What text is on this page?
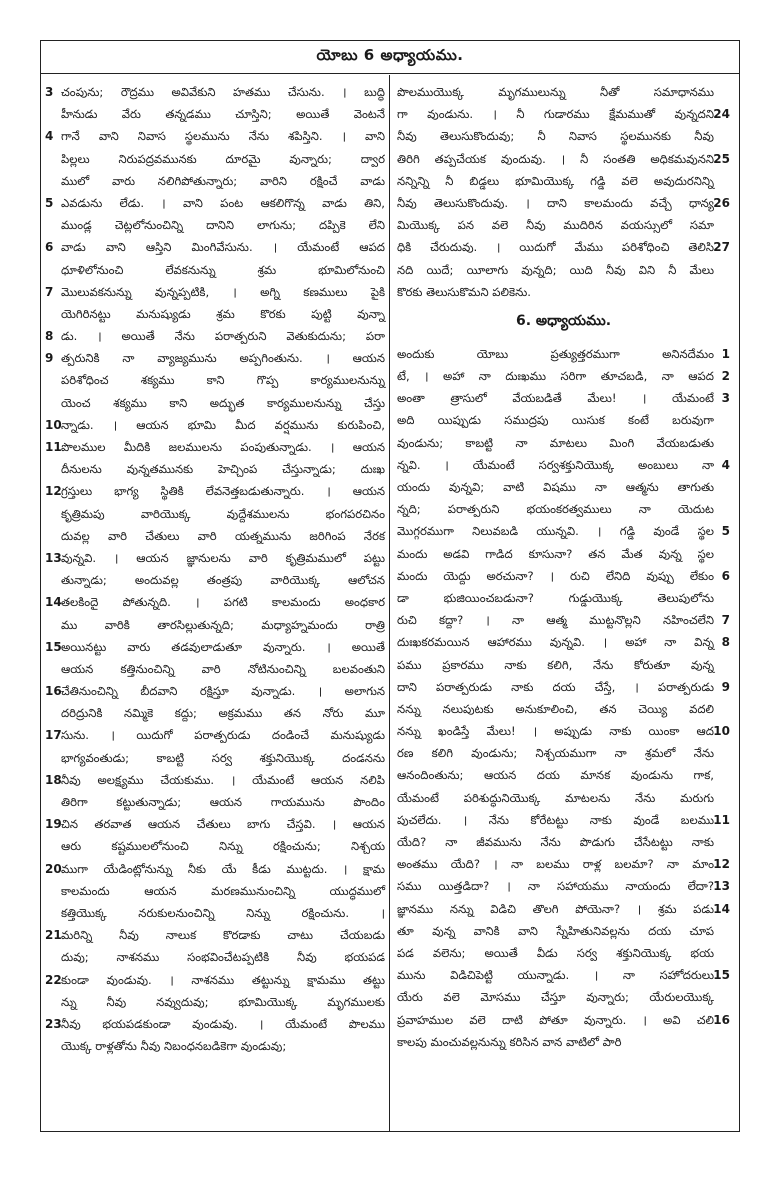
యోబు 6 అధ్యాయము.
3 చంపును; రౌద్రము అవివేకుని హతము చేసును. । బుద్ధి
హీనుడు వేరు తన్నడము చూస్తిని; అయితే వెంటనే
4 గానే వాని నివాస స్థలమును నేను శపిస్తిని. । వాని
పిల్లలు నిరుపద్రవమునకు దూరమై వున్నారు; ద్వార
ములో వారు నలిగిపోతున్నారు; వారిని రక్షించే వాడు
5 ఎవడును లేడు. । వాని పంట ఆకలిగొన్న వాడు తిని,
ముండ్ల చెట్లలోనుంచిన్ని దానిని లాగును; దప్పికె లేని
6 వాడు వాని ఆస్తిని మింగివేసును. । యేమంటే ఆపద
ధూళిలోనుంచి లేవకనున్ను శ్రమ భూమిలోనుంచి
7 మొలువకనున్ను వున్నప్పటికి, । అగ్ని కణములు పైకి
యెగిరినట్టు మనుష్యుడు శ్రమ కొరకు పుట్టి వున్నా
8 డు. । అయితే నేను పరాత్పరుని వెతుకుదును; పరా
9 త్పరునికి నా వ్యాజ్యమును అప్పగింతును. । ఆయన
పరిశోధించ శక్యము కాని గొప్ప కార్యములనున్ను
యెంచ శక్యము కాని అద్భుత కార్యములనున్ను చేస్తు
10 న్నాడు. । ఆయన భూమి మీద వర్షమును కురుపించి,
11 పొలముల మీదికి జలములను పంపుతున్నాడు. । ఆయన
దీనులను వున్నతమునకు హెచ్చింప చేస్తున్నాడు; దుఃఖ
12 గ్రస్తులు భాగ్య స్థితికి లేవనెత్తబడుతున్నారు. । ఆయన
కృత్రిమపు వారియొక్క వుద్దేశములను భంగపరచినం
దువల్ల వారి చేతులు వారి యత్నమును జరిగింప నేరక
13 వున్నవి. । ఆయన జ్ఞానులను వారి కృత్రిమములో పట్టు
తున్నాడు; అందువల్ల తంత్రపు వారియొక్క ఆలోచన
14 తలకిందై పోతున్నది. । పగటి కాలమందు అంధకార
ము వారికి తారసిల్లుతున్నది; మధ్యాహ్నమందు రాత్రి
15 అయినట్టు వారు తడవులాడుతూ వున్నారు. । అయితే
ఆయన కత్తినుంచిన్ని వారి నోటినుంచిన్ని బలవంతుని
16 చేతినుంచిన్ని బీదవాని రక్షిస్తూ వున్నాడు. । అలాగున
దరిద్రునికి నమ్మికె కద్దు; అక్రమము తన నోరు మూ
17 సును. । యిదుగో పరాత్పరుడు దండించే మనుష్యుడు
భాగ్యవంతుడు; కాబట్టి సర్వ శక్తునియొక్క దండనను
18 నీవు అలక్ష్యము చేయకుము. । యేమంటే ఆయన నలిపి
తిరిగా కట్టుతున్నాడు; ఆయన గాయమును పొందిం
19 చిన తరవాత ఆయన చేతులు బాగు చేస్తవి. । ఆయన
ఆరు కష్టములలోనుంచి నిన్ను రక్షించును; నిశ్చయ
20 ముగా యేడింట్లోనున్ను నీకు యే కీడు ముట్టదు. । క్షామ
కాలమందు ఆయన మరణమునుంచిన్ని యుద్ధములో
కత్తియొక్క నరుకులనుంచిన్ని నిన్ను రక్షించును. ।
21 మరిన్ని నీవు నాలుక కొరడాకు చాటు చేయబడు
దువు; నాశనము సంభవించేటప్పటికి నీవు భయపడ
22 కుండా వుండువు. । నాశనము తట్టున్ను క్షామము తట్టు
న్ను నీవు నవ్వుదువు; భూమియొక్క మృగములకు
23 నీవు భయపడకుండా వుండువు. । యేమంటే పొలము
యొక్క రాళ్లతోను నీవు నిబంధనబడికెగా వుండువు;
పొలముయొక్క మృగములున్ను నీతో సమాధానము
24
గా వుండును. । నీ గుడారము క్షేమముతో వున్నదని
నీవు తెలుసుకొందువు; నీ నివాస స్థలమునకు నీవు
25
తిరిగి తప్పచేయక వుందువు. । నీ సంతతి అధికమవునని
నన్నిన్ని నీ బిడ్డలు భూమియొక్క గడ్డి వలె అవుదురనిన్ని
26
నీవు తెలుసుకొందువు. । దాని కాలమందు వచ్చే ధాన్య
మియొక్క పన వలె నీవు ముదిరిన వయస్సులో సమా
27
ధికి చేరుదువు. । యిదుగో మేము పరిశోధించి తెలిసి
నది యిదే; యీలాగు వున్నది; యిది నీవు విని నీ మేలు
కొరకు తెలుసుకొమని పలికెను.
6. అధ్యాయము.
1
అందుకు యోబు ప్రత్యుత్తరముగా అనినదేమం
2
టే, । అహా నా దుఃఖము సరిగా తూచబడి, నా ఆపద
3
అంతా త్రాసులో వేయబడితే మేలు! । యేమంటే
అది యిప్పుడు సముద్రపు యిసుక కంటే బరువుగా
వుండును; కాబట్టి నా మాటలు మింగి వేయబడుతు
4
న్నవి. । యేమంటే సర్వశక్తునియొక్క అంబులు నా
యందు వున్నవి; వాటి విషము నా ఆత్మను తాగుతు
న్నది; పరాత్పరుని భయంకరత్వములు నా యెదుట
5
మొగ్గరముగా నిలువబడి యున్నవి. । గడ్డి వుండే స్థల
మందు అడవి గాడిద కూసునా? తన మేత వున్న స్థల
6
మందు యెద్దు అరచునా? । రుచి లేనిది వుప్పు లేకుం
డా భుజియించబడునా? గుడ్డుయొక్క తెలుపులోను
7
రుచి కద్దా? । నా ఆత్మ ముట్టనొల్లని నహించలేని
8
దుఃఖకరమయిన ఆహారము వున్నవి. । అహా నా విన్న
పము ప్రకారము నాకు కలిగి, నేను కోరుతూ వున్న
9
దాని పరాత్పరుడు నాకు దయ చేస్తే, । పరాత్పరుడు
నన్ను నలుపుటకు అనుకూలించి, తన చెయ్యి వదలి
10
నన్ను ఖండిస్తే మేలు! । అప్పుడు నాకు యింకా ఆద
రణ కలిగి వుండును; నిశ్చయముగా నా శ్రమలో నేను
ఆనందింతును; ఆయన దయ మానక వుండును గాక,
యేమంటే పరిశుద్ధునియొక్క మాటలను నేను మరుగు
11
పుచలేదు. । నేను కోరేటట్టు నాకు వుండే బలము
యేది? నా జీవమును నేను పొడుగు చేసేటట్టు నాకు
12
అంతము యేది? । నా బలము రాళ్ల బలమా? నా మాం
13
సము యిత్తడిదా? । నా సహాయము నాయందు లేదా?
14
జ్ఞానము నన్ను విడిచి తొలగి పోయెనా? । శ్రమ పడు
తూ వున్న వానికి వాని స్నేహితునివల్లను దయ చూప
పడ వలెను; అయితే వీడు సర్వ శక్తునియొక్క భయ
15
మును విడిచిపెట్టి యున్నాడు. । నా సహోదరులు
యేరు వలె మోసము చేస్తూ వున్నారు; యేరులయొక్క
16
ప్రవాహముల వలె దాటి పోతూ వున్నారు. । అవి చలి
కాలపు మంచువల్లనున్ను కరిసిన వాన వాటిలో పారి
